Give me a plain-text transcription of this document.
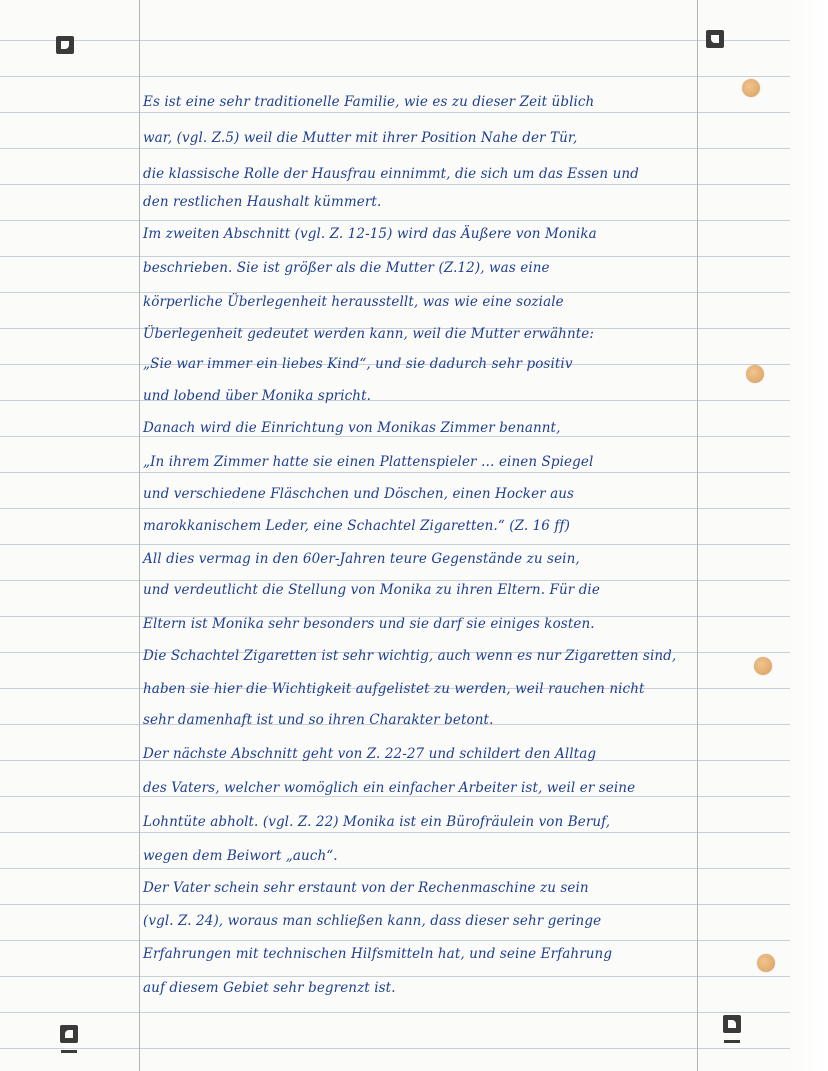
Es ist eine sehr traditionelle Familie, wie es zu dieser Zeit üblich
war, (vgl. Z.5) weil die Mutter mit ihrer Position Nahe der Tür,
die klassische Rolle der Hausfrau einnimmt, die sich um das Essen und
den restlichen Haushalt kümmert.
Im zweiten Abschnitt (vgl. Z. 12-15) wird das Äußere von Monika
beschrieben. Sie ist größer als die Mutter (Z.12), was eine
körperliche Überlegenheit herausstellt, was wie eine soziale
Überlegenheit gedeutet werden kann, weil die Mutter erwähnte:
„Sie war immer ein liebes Kind“, und sie dadurch sehr positiv
und lobend über Monika spricht.
Danach wird die Einrichtung von Monikas Zimmer benannt,
„In ihrem Zimmer hatte sie einen Plattenspieler … einen Spiegel
und verschiedene Fläschchen und Döschen, einen Hocker aus
marokkanischem Leder, eine Schachtel Zigaretten.“ (Z. 16 ff)
All dies vermag in den 60er-Jahren teure Gegenstände zu sein,
und verdeutlicht die Stellung von Monika zu ihren Eltern. Für die
Eltern ist Monika sehr besonders und sie darf sie einiges kosten.
Die Schachtel Zigaretten ist sehr wichtig, auch wenn es nur Zigaretten sind,
haben sie hier die Wichtigkeit aufgelistet zu werden, weil rauchen nicht
sehr damenhaft ist und so ihren Charakter betont.
Der nächste Abschnitt geht von Z. 22-27 und schildert den Alltag
des Vaters, welcher womöglich ein einfacher Arbeiter ist, weil er seine
Lohntüte abholt. (vgl. Z. 22) Monika ist ein Bürofräulein von Beruf,
wegen dem Beiwort „auch“.
Der Vater schein sehr erstaunt von der Rechenmaschine zu sein
(vgl. Z. 24), woraus man schließen kann, dass dieser sehr geringe
Erfahrungen mit technischen Hilfsmitteln hat, und seine Erfahrung
auf diesem Gebiet sehr begrenzt ist.
